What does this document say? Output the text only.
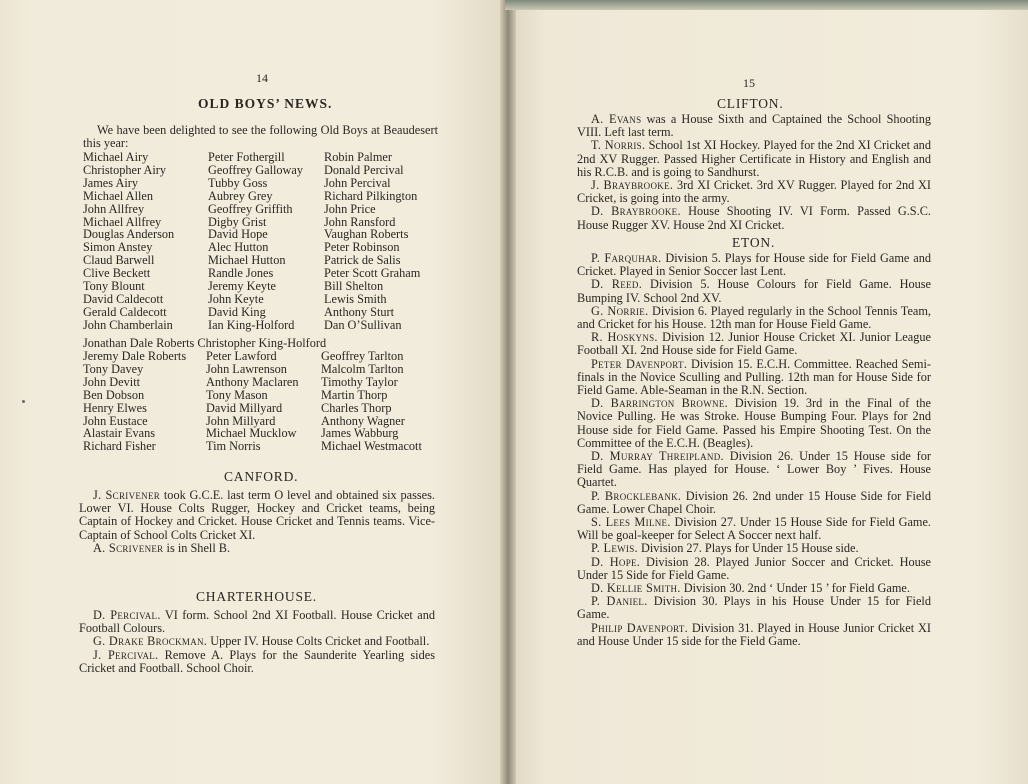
14
OLD BOYS’ NEWS.

We have been delighted to see the following Old Boys at Beaudesert this year:

Michael Airy
Christopher Airy
James Airy
Michael Allen
John Allfrey
Michael Allfrey
Douglas Anderson
Simon Anstey
Claud Barwell
Clive Beckett
Tony Blount
David Caldecott
Gerald Caldecott
John Chamberlain
Peter Fothergill
Geoffrey Galloway
Tubby Goss
Aubrey Grey
Geoffrey Griffith
Digby Grist
David Hope
Alec Hutton
Michael Hutton
Randle Jones
Jeremy Keyte
John Keyte
David King
Ian King-Holford
Robin Palmer
Donald Percival
John Percival
Richard Pilkington
John Price
John Ransford
Vaughan Roberts
Peter Robinson
Patrick de Salis
Peter Scott Graham
Bill Shelton
Lewis Smith
Anthony Sturt
Dan O’Sullivan
Jonathan Dale Roberts Christopher King-Holford
Jeremy Dale Roberts
Tony Davey
John Devitt
Ben Dobson
Henry Elwes
John Eustace
Alastair Evans
Richard Fisher
Peter Lawford
John Lawrenson
Anthony Maclaren
Tony Mason
David Millyard
John Millyard
Michael Mucklow
Tim Norris
Geoffrey Tarlton
Malcolm Tarlton
Timothy Taylor
Martin Thorp
Charles Thorp
Anthony Wagner
James Wabburg
Michael Westmacott
CANFORD.

J. Scrivener took G.C.E. last term O level and obtained six passes. Lower VI. House Colts Rugger, Hockey and Cricket teams, being Captain of Hockey and Cricket. House Cricket and Tennis teams. Vice-Captain of School Colts Cricket XI.

A. Scrivener is in Shell B.

CHARTERHOUSE.

D. Percival. VI form. School 2nd XI Football. House Cricket and Football Colours.

G. Drake Brockman. Upper IV. House Colts Cricket and Football.

J. Percival. Remove A. Plays for the Saunderite Yearling sides Cricket and Football. School Choir.

15
CLIFTON.

A. Evans was a House Sixth and Captained the School Shooting VIII. Left last term.

T. Norris. School 1st XI Hockey. Played for the 2nd XI Cricket and 2nd XV Rugger. Passed Higher Certificate in History and English and his R.C.B. and is going to Sandhurst.

J. Braybrooke. 3rd XI Cricket. 3rd XV Rugger. Played for 2nd XI Cricket, is going into the army.

D. Braybrooke. House Shooting IV. VI Form. Passed G.S.C. House Rugger XV. House 2nd XI Cricket.

ETON.

P. Farquhar. Division 5. Plays for House side for Field Game and Cricket. Played in Senior Soccer last Lent.

D. Reed. Division 5. House Colours for Field Game. House Bumping IV. School 2nd XV.

G. Norrie. Division 6. Played regularly in the School Tennis Team, and Cricket for his House. 12th man for House Field Game.

R. Hoskyns. Division 12. Junior House Cricket XI. Junior League Football XI. 2nd House side for Field Game.

Peter Davenport. Division 15. E.C.H. Committee. Reached Semi-finals in the Novice Sculling and Pulling. 12th man for House Side for Field Game. Able-Seaman in the R.N. Section.

D. Barrington Browne. Division 19. 3rd in the Final of the Novice Pulling. He was Stroke. House Bumping Four. Plays for 2nd House side for Field Game. Passed his Empire Shooting Test. On the Committee of the E.C.H. (Beagles).

D. Murray Threipland. Division 26. Under 15 House side for Field Game. Has played for House. ‘ Lower Boy ’ Fives. House Quartet.

P. Brocklebank. Division 26. 2nd under 15 House Side for Field Game. Lower Chapel Choir.

S. Lees Milne. Division 27. Under 15 House Side for Field Game. Will be goal-keeper for Select A Soccer next half.

P. Lewis. Division 27. Plays for Under 15 House side.

D. Hope. Division 28. Played Junior Soccer and Cricket. House Under 15 Side for Field Game.

D. Kellie Smith. Division 30. 2nd ‘ Under 15 ’ for Field Game.

P. Daniel. Division 30. Plays in his House Under 15 for Field Game.

Philip Davenport. Division 31. Played in House Junior Cricket XI and House Under 15 side for the Field Game.
